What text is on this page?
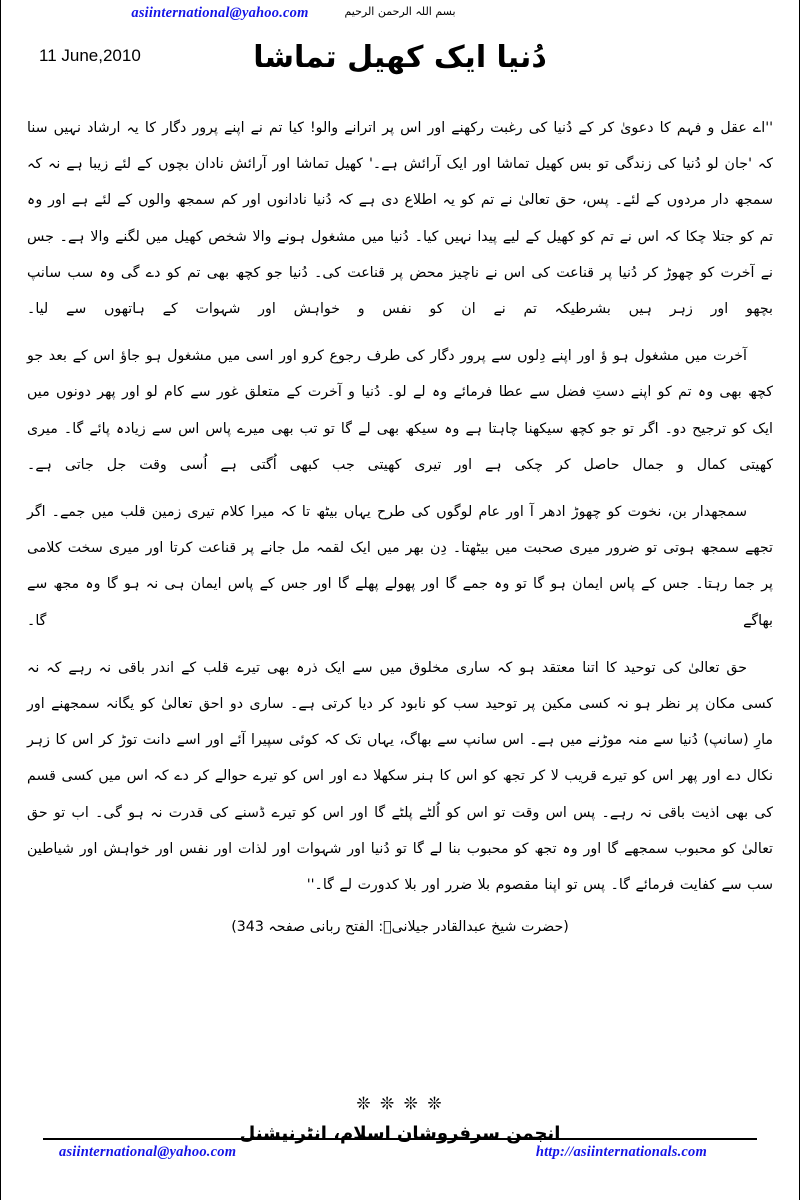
asiinternational@yahoo.com	بسم اللہ الرحمن الرحیم
دُنیا ایک کھیل تماشا
11 June,2010

''اے عقل و فہم کا دعویٰ کر کے دُنیا کی رغبت رکھنے اور اس پر اترانے والو! کیا تم نے اپنے پرور دگار کا یہ ارشاد نہیں سنا کہ 'جان لو دُنیا کی زندگی تو بس کھیل تماشا اور ایک آرائش ہے۔' کھیل تماشا اور آرائش نادان بچوں کے لئے زیبا ہے نہ کہ سمجھ دار مردوں کے لئے۔ پس، حق تعالیٰ نے تم کو یہ اطلاع دی ہے کہ دُنیا نادانوں اور کم سمجھ والوں کے لئے ہے اور وہ تم کو جتلا چکا کہ اس نے تم کو کھیل کے لیے پیدا نہیں کیا۔ دُنیا میں مشغول ہونے والا شخص کھیل میں لگنے والا ہے۔ جس نے آخرت کو چھوڑ کر دُنیا پر قناعت کی اس نے ناچیز محض پر قناعت کی۔ دُنیا جو کچھ بھی تم کو دے گی وہ سب سانپ بچھو اور زہر ہیں بشرطیکہ تم نے ان کو نفس و خواہش اور شہوات کے ہاتھوں سے لیا۔

آخرت میں مشغول ہو ؤ اور اپنے دِلوں سے پرور دگار کی طرف رجوع کرو اور اسی میں مشغول ہو جاؤ اس کے بعد جو کچھ بھی وہ تم کو اپنے دستِ فضل سے عطا فرمائے وہ لے لو۔ دُنیا و آخرت کے متعلق غور سے کام لو اور پھر دونوں میں ایک کو ترجیح دو۔ اگر تو جو کچھ سیکھنا چاہتا ہے وہ سیکھ بھی لے گا تو تب بھی میرے پاس اس سے زیادہ پائے گا۔ میری کھیتی کمال و جمال حاصل کر چکی ہے اور تیری کھیتی جب کبھی اُگتی ہے اُسی وقت جل جاتی ہے۔

سمجھدار بن، نخوت کو چھوڑ ادھر آ اور عام لوگوں کی طرح یہاں بیٹھ تا کہ میرا کلام تیری زمین قلب میں جمے۔ اگر تجھے سمجھ ہوتی تو ضرور میری صحبت میں بیٹھتا۔ دِن بھر میں ایک لقمہ مل جانے پر قناعت کرتا اور میری سخت کلامی پر جما رہتا۔ جس کے پاس ایمان ہو گا تو وہ جمے گا اور پھولے پھلے گا اور جس کے پاس ایمان ہی نہ ہو گا وہ مجھ سے بھاگے گا۔

حق تعالیٰ کی توحید کا اتنا معتقد ہو کہ ساری مخلوق میں سے ایک ذرہ بھی تیرے قلب کے اندر باقی نہ رہے کہ نہ کسی مکان پر نظر ہو نہ کسی مکین پر توحید سب کو نابود کر دیا کرتی ہے۔ ساری دو احق تعالیٰ کو یگانہ سمجھنے اور مارِ (سانپ) دُنیا سے منہ موڑنے میں ہے۔ اس سانپ سے بھاگ، یہاں تک کہ کوئی سپیرا آئے اور اسے دانت توڑ کر اس کا زہر نکال دے اور پھر اس کو تیرے قریب لا کر تجھ کو اس کا ہنر سکھلا دے اور اس کو تیرے حوالے کر دے کہ اس میں کسی قسم کی بھی اذیت باقی نہ رہے۔ پس اس وقت تو اس کو اُلٹے پلٹے گا اور اس کو تیرے ڈسنے کی قدرت نہ ہو گی۔ اب تو حق تعالیٰ کو محبوب سمجھے گا اور وہ تجھ کو محبوب بنا لے گا تو دُنیا اور شہوات اور لذات اور نفس اور خواہش اور شیاطین سب سے کفایت فرمائے گا۔ پس تو اپنا مقصوم بلا ضرر اور بلا کدورت لے گا۔''

(حضرت شیخ عبدالقادر جیلانیؒ: الفتح ربانی صفحہ 343)
❊ ❊ ❊ ❊
انجمن سرفروشان اسلام، انٹرنیشنل
asiinternational@yahoo.com	http://asiinternationals.com
